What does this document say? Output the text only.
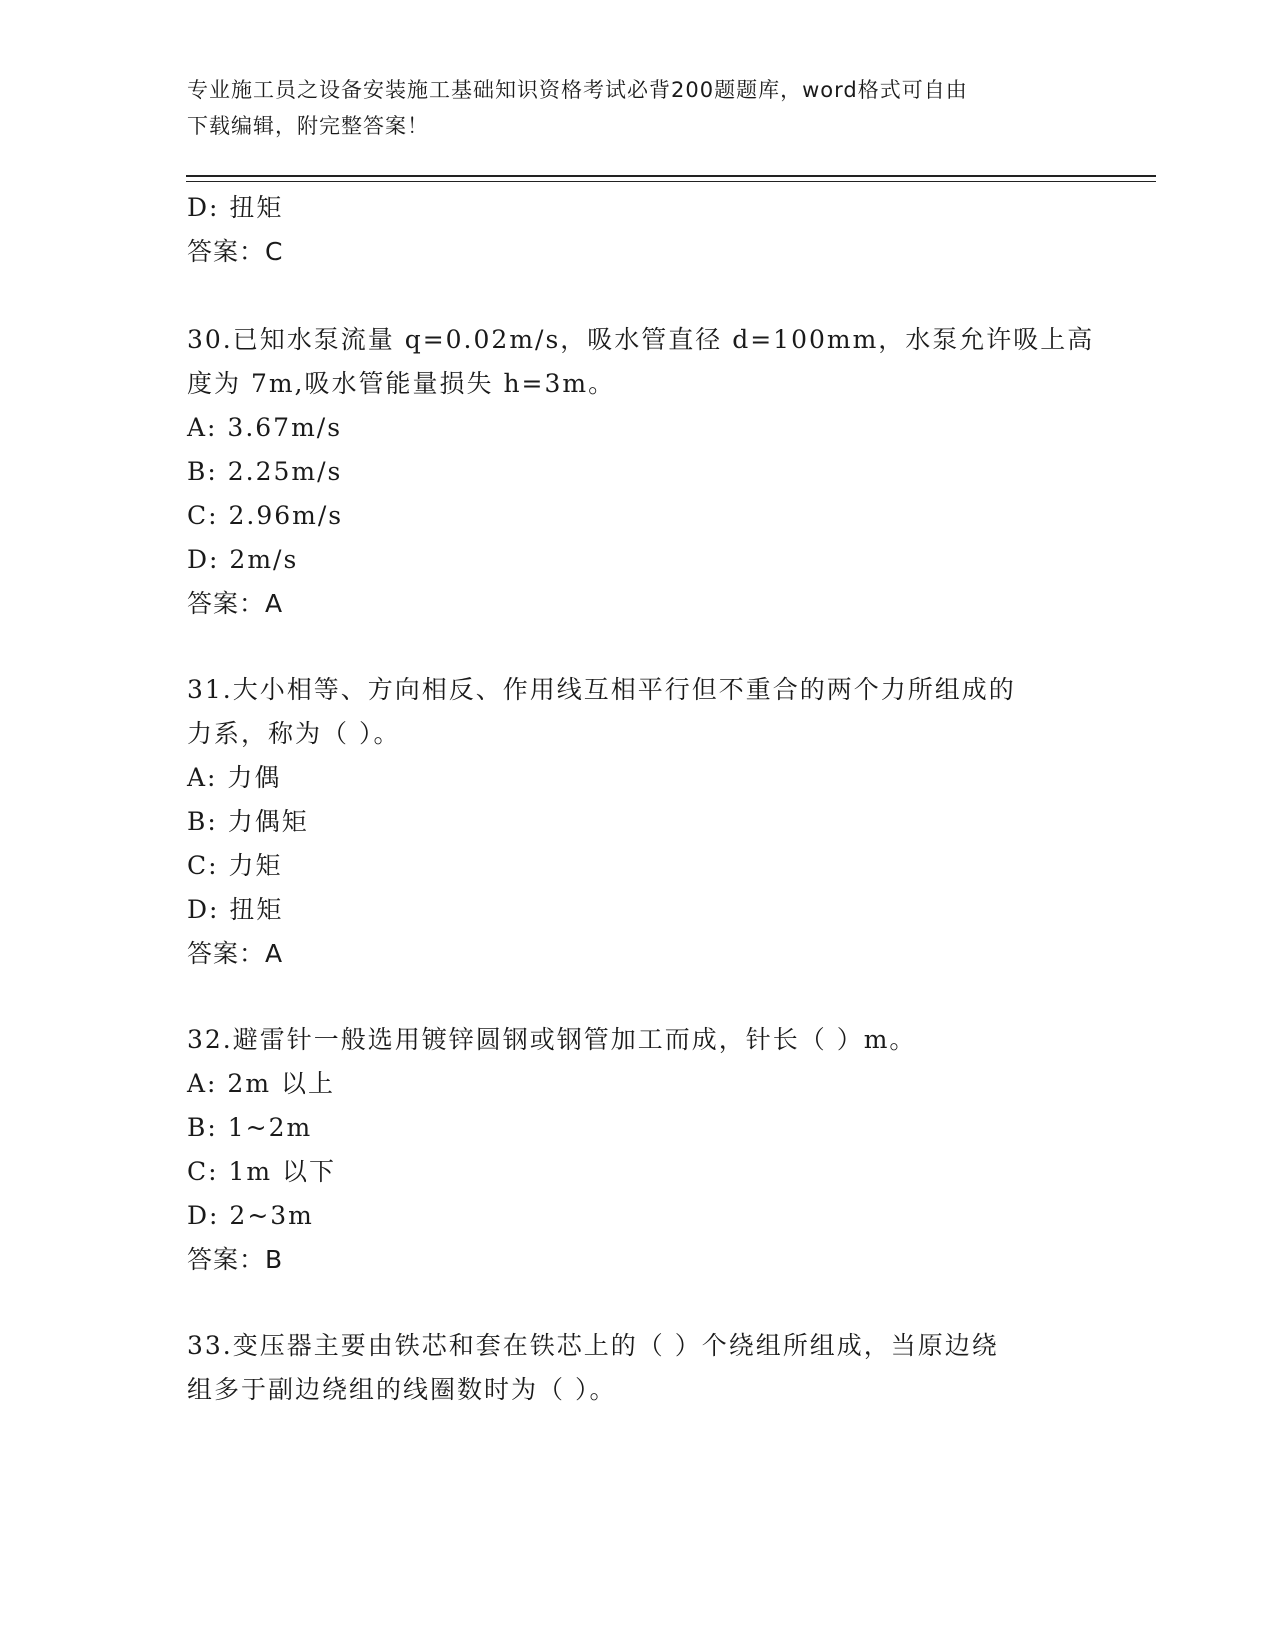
专业施工员之设备安装施工基础知识资格考试必背200题题库，word格式可自由
下载编辑，附完整答案！
D: 扭矩
答案：C
30.已知水泵流量 q=0.02m/s，吸水管直径 d=100mm，水泵允许吸上高
度为 7m,吸水管能量损失 h=3m。
A: 3.67m/s
B: 2.25m/s
C: 2.96m/s
D: 2m/s
答案：A
31.大小相等、方向相反、作用线互相平行但不重合的两个力所组成的
力系，称为（ ）。
A: 力偶
B: 力偶矩
C: 力矩
D: 扭矩
答案：A
32.避雷针一般选用镀锌圆钢或钢管加工而成，针长（ ）m。
A: 2m 以上
B: 1~2m
C: 1m 以下
D: 2~3m
答案：B
33.变压器主要由铁芯和套在铁芯上的（ ）个绕组所组成，当原边绕
组多于副边绕组的线圈数时为（ ）。
